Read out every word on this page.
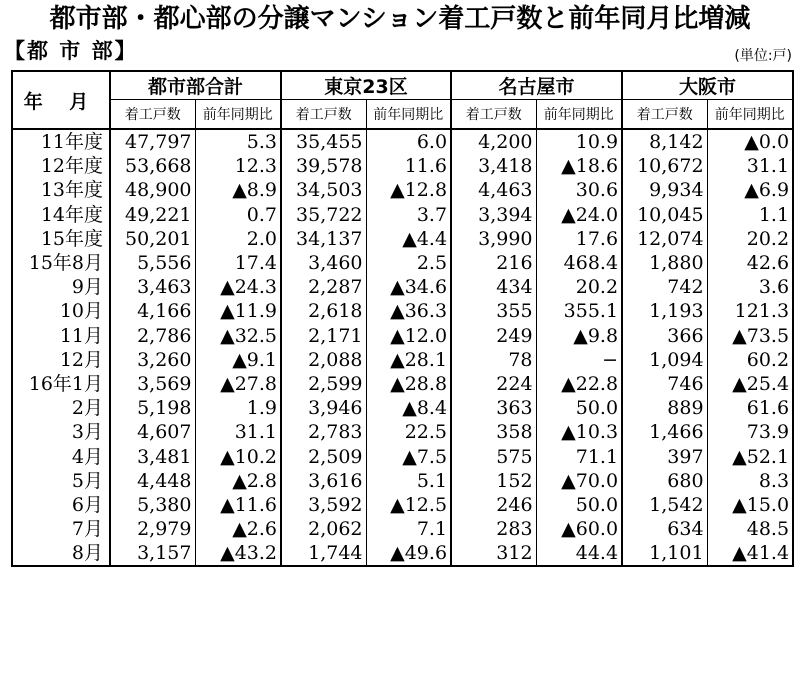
都市部・都心部の分譲マンション着工戸数と前年同月比増減
【都 市 部】	(単位:戸)
年 月	都市部合計		東京23区		名古屋市		大阪市	
	着工戸数	前年同期比	着工戸数	前年同期比	着工戸数	前年同期比	着工戸数	前年同期比
11年度	47,797	5.3	35,455	6.0	4,200	10.9	8,142	▲0.0
12年度	53,668	12.3	39,578	11.6	3,418	▲18.6	10,672	31.1
13年度	48,900	▲8.9	34,503	▲12.8	4,463	30.6	9,934	▲6.9
14年度	49,221	0.7	35,722	3.7	3,394	▲24.0	10,045	1.1
15年度	50,201	2.0	34,137	▲4.4	3,990	17.6	12,074	20.2
15年8月	5,556	17.4	3,460	2.5	216	468.4	1,880	42.6
9月	3,463	▲24.3	2,287	▲34.6	434	20.2	742	3.6
10月	4,166	▲11.9	2,618	▲36.3	355	355.1	1,193	121.3
11月	2,786	▲32.5	2,171	▲12.0	249	▲9.8	366	▲73.5
12月	3,260	▲9.1	2,088	▲28.1	78	−	1,094	60.2
16年1月	3,569	▲27.8	2,599	▲28.8	224	▲22.8	746	▲25.4
2月	5,198	1.9	3,946	▲8.4	363	50.0	889	61.6
3月	4,607	31.1	2,783	22.5	358	▲10.3	1,466	73.9
4月	3,481	▲10.2	2,509	▲7.5	575	71.1	397	▲52.1
5月	4,448	▲2.8	3,616	5.1	152	▲70.0	680	8.3
6月	5,380	▲11.6	3,592	▲12.5	246	50.0	1,542	▲15.0
7月	2,979	▲2.6	2,062	7.1	283	▲60.0	634	48.5
8月	3,157	▲43.2	1,744	▲49.6	312	44.4	1,101	▲41.4
